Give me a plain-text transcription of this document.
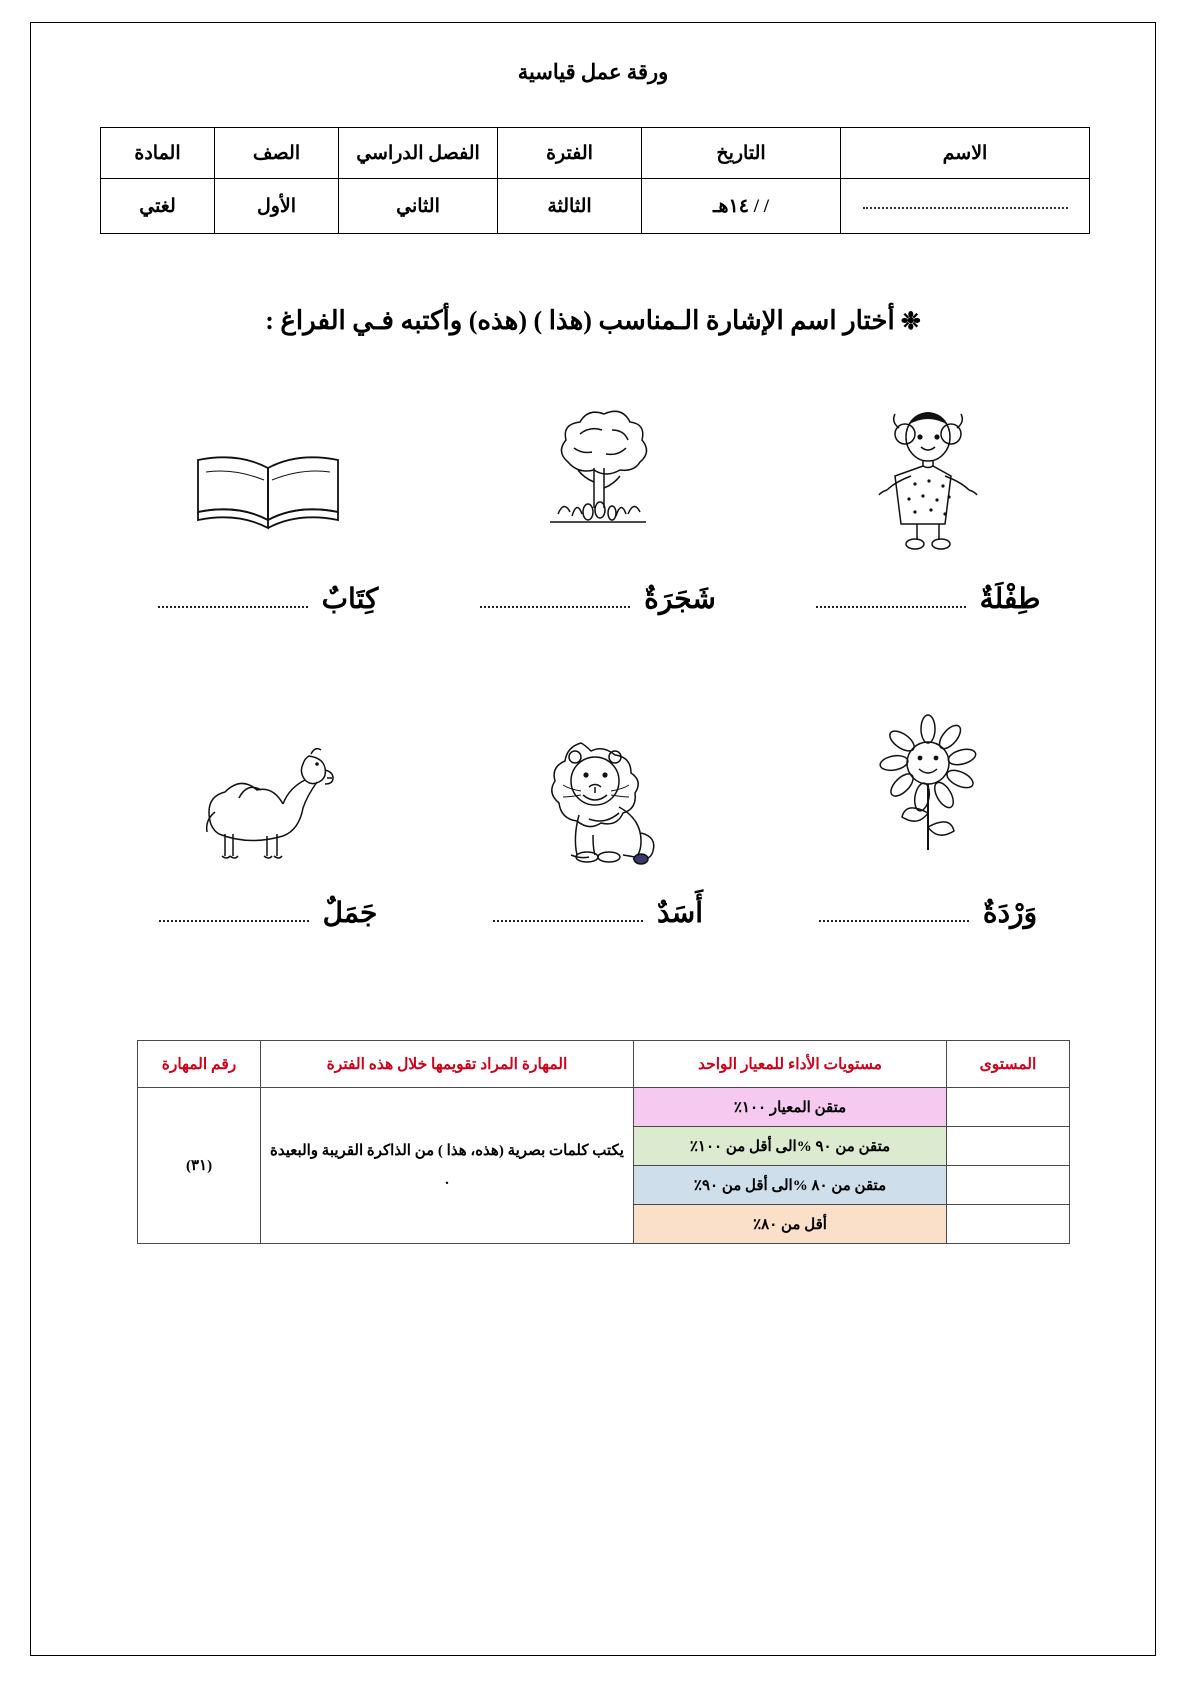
ورقة عمل قياسية
الاسم	التاريخ	الفترة	الفصل الدراسي	الصف	المادة
	/ / ١٤هـ	الثالثة	الثاني	الأول	لغتي
❉أختار اسم الإشارة الـمناسب (هذا ) (هذه) وأكتبه فـي الفراغ :
طِفْلَةٌ
شَجَرَةٌ
كِتَابٌ
وَرْدَةٌ
أَسَدٌ
جَمَلٌ
المستوى	مستويات الأداء للمعيار الواحد	المهارة المراد تقويمها خلال هذه الفترة	رقم المهارة
	متقن المعيار ١٠٠٪	يكتب كلمات بصرية (هذه، هذا ) من الذاكرة القريبة والبعيدة .	(٣١)
	متقن من ٩٠ %الى أقل من ١٠٠٪		
	متقن من ٨٠ %الى أقل من ٩٠٪		
	أقل من ٨٠٪		
